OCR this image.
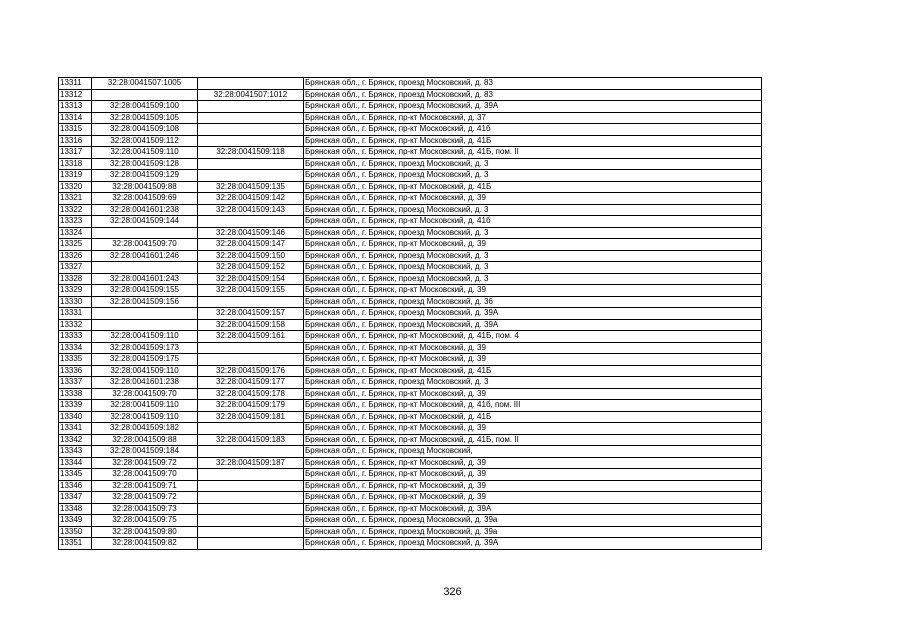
13311	32:28:0041507:1005		Брянская обл., г. Брянск, проезд Московский, д. 83
13312		32:28:0041507:1012	Брянская обл., г. Брянск, проезд Московский, д. 83
13313	32:28:0041509:100		Брянская обл., г. Брянск, проезд Московский, д. 39А
13314	32:28:0041509:105		Брянская обл., г. Брянск, пр-кт Московский, д. 37
13315	32:28:0041509:108		Брянская обл., г. Брянск, пр-кт Московский, д. 41б
13316	32:28:0041509:112		Брянская обл., г. Брянск, пр-кт Московский, д. 41Б
13317	32:28:0041509:110	32:28:0041509:118	Брянская обл., г. Брянск, пр-кт Московский, д. 41Б, пом. II
13318	32:28:0041509:128		Брянская обл., г. Брянск, проезд Московский, д. 3
13319	32:28:0041509:129		Брянская обл., г. Брянск, проезд Московский, д. 3
13320	32:28:0041509:88	32:28:0041509:135	Брянская обл., г. Брянск, пр-кт Московский, д. 41Б
13321	32:28:0041509:69	32:28:0041509:142	Брянская обл., г. Брянск, пр-кт Московский, д. 39
13322	32:28:0041601:238	32:28:0041509:143	Брянская обл., г. Брянск, проезд Московский, д. 3
13323	32:28:0041509:144		Брянская обл., г. Брянск, пр-кт Московский, д. 41б
13324		32:28:0041509:146	Брянская обл., г. Брянск, проезд Московский, д. 3
13325	32:28:0041509:70	32:28:0041509:147	Брянская обл., г. Брянск, пр-кт Московский, д. 39
13326	32:28:0041601:246	32:28:0041509:150	Брянская обл., г. Брянск, проезд Московский, д. 3
13327		32:28:0041509:152	Брянская обл., г. Брянск, проезд Московский, д. 3
13328	32:28:0041601:243	32:28:0041509:154	Брянская обл., г. Брянск, проезд Московский, д. 3
13329	32:28:0041509:155	32:28:0041509:155	Брянская обл., г. Брянск, пр-кт Московский, д. 39
13330	32:28:0041509:156		Брянская обл., г. Брянск, проезд Московский, д. 36
13331		32:28:0041509:157	Брянская обл., г. Брянск, проезд Московский, д. 39А
13332		32:28:0041509:158	Брянская обл., г. Брянск, проезд Московский, д. 39А
13333	32:28:0041509:110	32:28:0041509:161	Брянская обл., г. Брянск, пр-кт Московский, д. 41Б, пом. 4
13334	32:28:0041509:173		Брянская обл., г. Брянск, пр-кт Московский, д. 39
13335	32:28:0041509:175		Брянская обл., г. Брянск, пр-кт Московский, д. 39
13336	32:28:0041509:110	32:28:0041509:176	Брянская обл., г. Брянск, пр-кт Московский, д. 41Б
13337	32:28:0041601:238	32:28:0041509:177	Брянская обл., г. Брянск, проезд Московский, д. 3
13338	32:28:0041509:70	32:28:0041509:178	Брянская обл., г. Брянск, пр-кт Московский, д. 39
13339	32:28:0041509:110	32:28:0041509:179	Брянская обл., г. Брянск, пр-кт Московский, д. 41б, пом. III
13340	32:28:0041509:110	32:28:0041509:181	Брянская обл., г. Брянск, пр-кт Московский, д. 41Б
13341	32:28:0041509:182		Брянская обл., г. Брянск, пр-кт Московский, д. 39
13342	32:28:0041509:88	32:28:0041509:183	Брянская обл., г. Брянск, пр-кт Московский, д. 41Б, пом. II
13343	32:28:0041509:184		Брянская обл., г. Брянск, проезд Московский,
13344	32:28:0041509:72	32:28:0041509:187	Брянская обл., г. Брянск, пр-кт Московский, д. 39
13345	32:28:0041509:70		Брянская обл., г. Брянск, пр-кт Московский, д. 39
13346	32:28:0041509:71		Брянская обл., г. Брянск, пр-кт Московский, д. 39
13347	32:28:0041509:72		Брянская обл., г. Брянск, пр-кт Московский, д. 39
13348	32:28:0041509:73		Брянская обл., г. Брянск, пр-кт Московский, д. 39А
13349	32:28:0041509:75		Брянская обл., г. Брянск, проезд Московский, д. 39а
13350	32:28:0041509:80		Брянская обл., г. Брянск, проезд Московский, д. 39а
13351	32:28:0041509:82		Брянская обл., г. Брянск, проезд Московский, д. 39А
326
